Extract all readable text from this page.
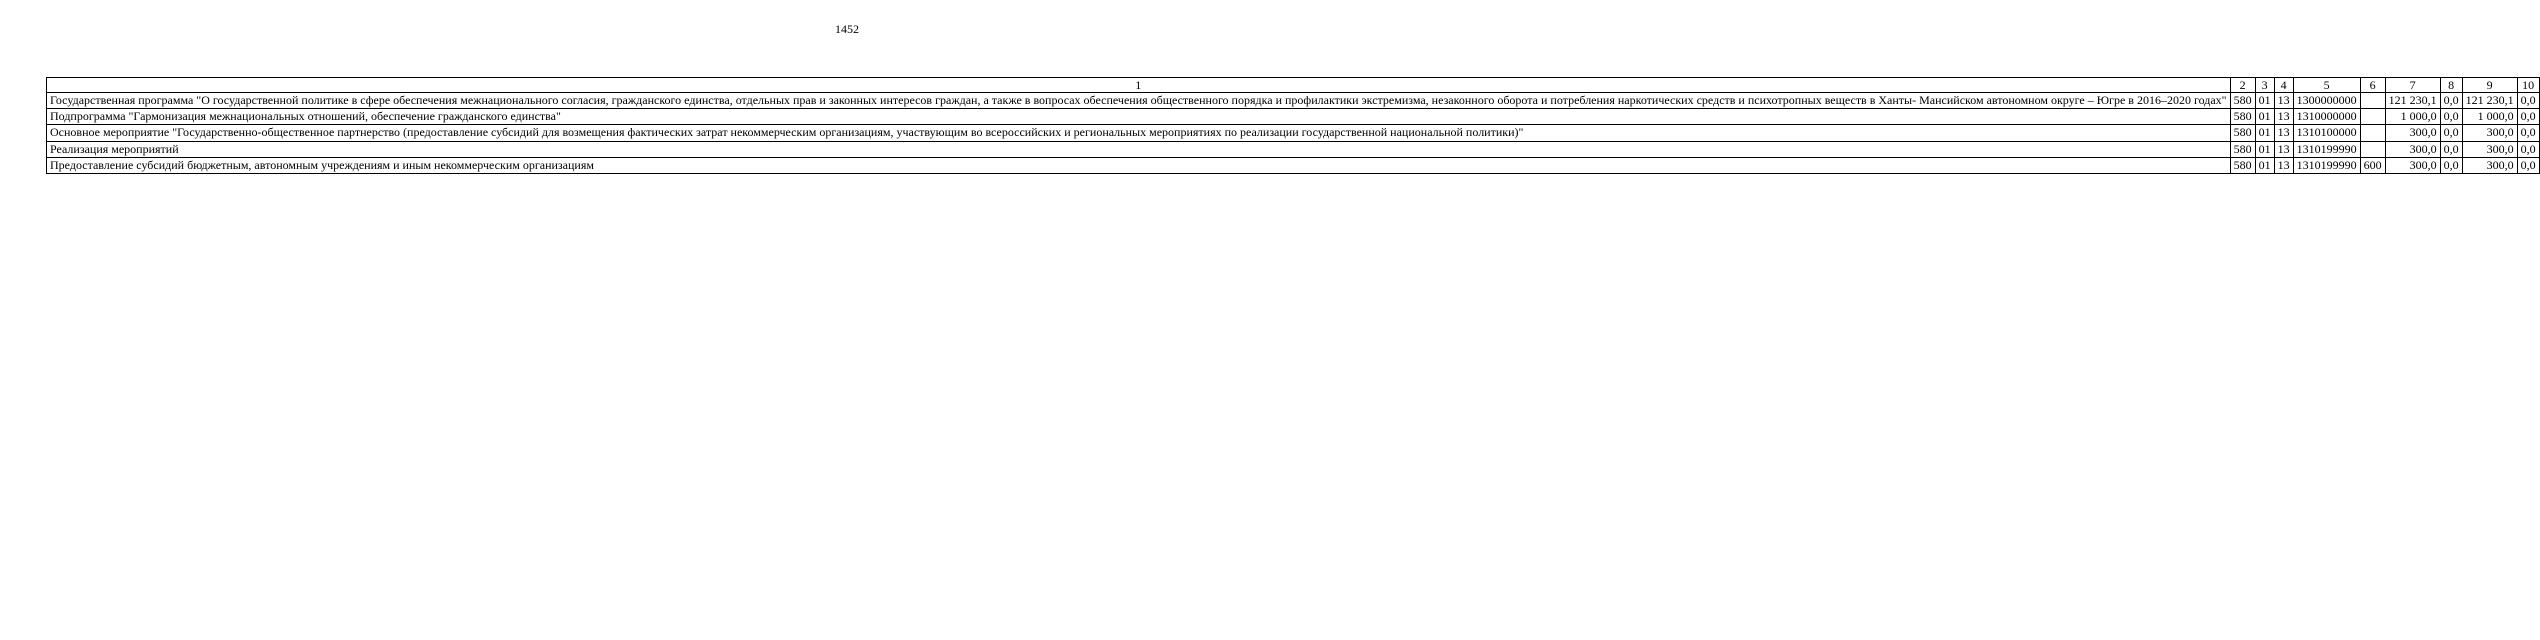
1452
1	2	3	4	5	6	7	8	9	10
Государственная программа "О государственной политике в сфере обеспечения межнационального согласия, гражданского единства, отдельных прав и законных интересов граждан, а также в вопросах обеспечения общественного порядка и профилактики экстремизма, незаконного оборота и потребления наркотических средств и психотропных веществ в Ханты- Мансийском автономном округе – Югре в 2016–2020 годах"	580	01	13	1300000000		121 230,1	0,0	121 230,1	0,0
Подпрограмма "Гармонизация межнациональных отношений, обеспечение гражданского единства"	580	01	13	1310000000		1 000,0	0,0	1 000,0	0,0
Основное мероприятие "Государственно-общественное партнерство (предоставление субсидий для возмещения фактических затрат некоммерческим организациям, участвующим во всероссийских и региональных мероприятиях по реализации государственной национальной политики)"	580	01	13	1310100000		300,0	0,0	300,0	0,0
Реализация мероприятий	580	01	13	1310199990		300,0	0,0	300,0	0,0
Предоставление субсидий бюджетным, автономным учреждениям и иным некоммерческим организациям	580	01	13	1310199990	600	300,0	0,0	300,0	0,0
